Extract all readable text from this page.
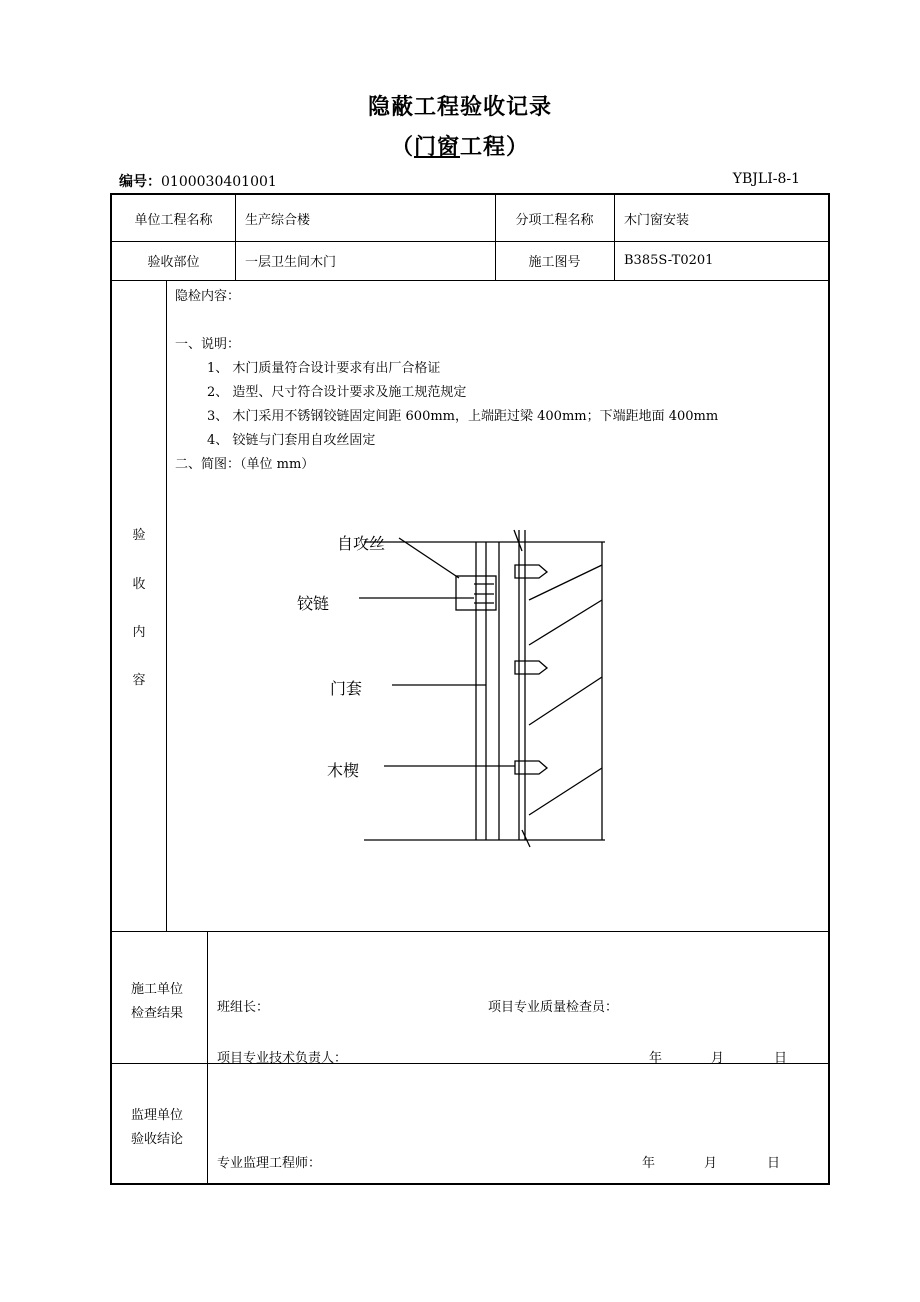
隐蔽工程验收记录
（门窗工程）
编号：0100030401001	YBJLⅠ-8-1
单位工程名称	生产综合楼	分项工程名称	木门窗安装
验收部位	一层卫生间木门	施工图号	B385S-T0201
验
收
内
容
隐检内容：
一、说明：
1、 木门质量符合设计要求有出厂合格证
2、 造型、尺寸符合设计要求及施工规范规定
3、 木门采用不锈钢铰链固定间距 600mm，上端距过梁 400mm；下端距地面 400mm
4、 铰链与门套用自攻丝固定
二、简图：（单位 mm）
自攻丝
铰链
门套
木楔
施工单位
检查结果	班组长：	项目专业质量检查员：
项目专业技术负责人：	年	月	日
监理单位
验收结论
专业监理工程师：	年	月	日
